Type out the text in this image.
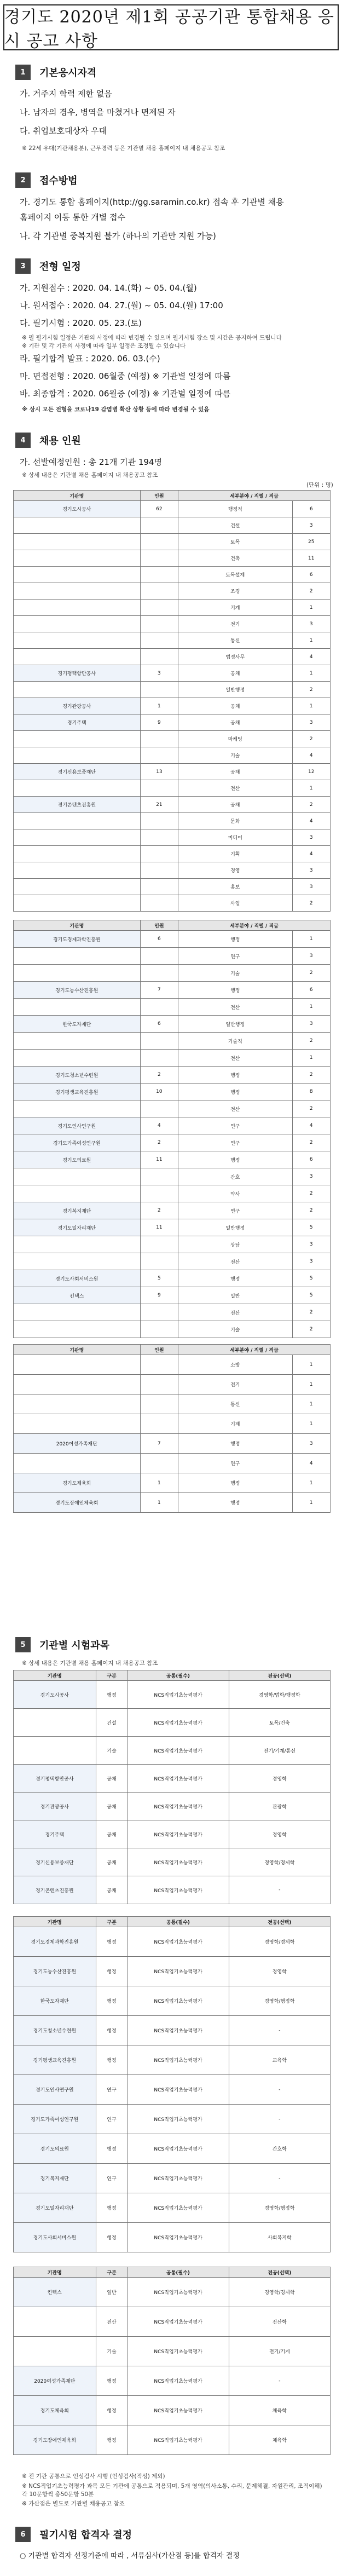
경기도 2020년 제1회 공공기관 통합채용 응시 공고 사항
1	기본응시자격
가. 거주지 학력 제한 없음
나. 남자의 경우, 병역을 마쳤거나 면제된 자
다. 취업보호대상자 우대
※ 22세 우대(기관채용분), 근무경력 등은 기관별 채용 홈페이지 내 채용공고 참조
2	접수방법
가. 경기도 통합 홈페이지(http://gg.saramin.co.kr) 접속 후 기관별 채용
홈페이지 이동 통한 개별 접수
나. 각 기관별 중복지원 불가 (하나의 기관만 지원 가능)
3	전형 일정
가. 지원접수 : 2020. 04. 14.(화) ~ 05. 04.(월)
나. 원서접수 : 2020. 04. 27.(월) ~ 05. 04.(월) 17:00
다. 필기시험 : 2020. 05. 23.(토)
※ 필 필기시험 일정은 기관의 사정에 따라 변경될 수 있으며 필기시험 장소 및 시간은 공지하여 드립니다
※ 기관 및 각 기관의 사정에 따라 일부 일정은 조정될 수 있습니다
라. 필기합격 발표 : 2020. 06. 03.(수)
마. 면접전형 : 2020. 06월중 (예정) ※ 기관별 일정에 따름
바. 최종합격 : 2020. 06월중 (예정) ※ 기관별 일정에 따름
※ 상시 모든 전형을 코로나19 감염병 확산 상황 등에 따라 변경될 수 있음
4	채용 인원
가. 선발예정인원 : 총 21개 기관 194명
※ 상세 내용은 기관별 채용 홈페이지 내 채용공고 참조
(단위 : 명)
기관명	인원	세부분야 / 직렬 / 직급	
경기도시공사	62	행정직	6
		건설	3
		토목	25
		건축	11
		토목설계	6
		조경	2
		기계	1
		전기	3
		통신	1
		법정사무	4
경기평택항만공사	3	공채	1
		일반행정	2
경기관광공사	1	공채	1
경기주택	9	공채	3
		마케팅	2
		기술	4
경기신용보증재단	13	공채	12
		전산	1
경기콘텐츠진흥원	21	공채	2
		문화	4
		미디어	3
		기획	4
		경영	3
		홍보	3
		사업	2
기관명	인원	세부분야 / 직렬 / 직급	
경기도경제과학진흥원	6	행정	1
		연구	3
		기술	2
경기도농수산진흥원	7	행정	6
		전산	1
한국도자재단	6	일반행정	3
		기술직	2
		전산	1
경기도청소년수련원	2	행정	2
경기평생교육진흥원	10	행정	8
		전산	2
경기도인사연구원	4	연구	4
경기도가족여성연구원	2	연구	2
경기도의료원	11	행정	6
		간호	3
		약사	2
경기복지재단	2	연구	2
경기도일자리재단	11	일반행정	5
		상담	3
		전산	3
경기도사회서비스원	5	행정	5
킨텍스	9	일반	5
		전산	2
		기술	2
기관명	인원	세부분야 / 직렬 / 직급	
		소방	1
		전기	1
		통신	1
		기계	1
2020여성가족재단	7	행정	3
		연구	4
경기도체육회	1	행정	1
경기도장애인체육회	1	행정	1
5	기관별 시험과목
※ 상세 내용은 기관별 채용 홈페이지 내 채용공고 참조
기관명	구분	공통(필수)	전공(선택)
경기도시공사	행정	NCS직업기초능력평가	경영학/법학/행정학
	건설	NCS직업기초능력평가	토목/건축
	기술	NCS직업기초능력평가	전기/기계/통신
경기평택항만공사	공채	NCS직업기초능력평가	경영학
경기관광공사	공채	NCS직업기초능력평가	관광학
경기주택	공채	NCS직업기초능력평가	경영학
경기신용보증재단	공채	NCS직업기초능력평가	경영학/경제학
경기콘텐츠진흥원	공채	NCS직업기초능력평가	-
기관명	구분	공통(필수)	전공(선택)
경기도경제과학진흥원	행정	NCS직업기초능력평가	경영학/경제학
경기도농수산진흥원	행정	NCS직업기초능력평가	경영학
한국도자재단	행정	NCS직업기초능력평가	경영학/행정학
경기도청소년수련원	행정	NCS직업기초능력평가	-
경기평생교육진흥원	행정	NCS직업기초능력평가	교육학
경기도인사연구원	연구	NCS직업기초능력평가	-
경기도가족여성연구원	연구	NCS직업기초능력평가	-
경기도의료원	행정	NCS직업기초능력평가	간호학
경기복지재단	연구	NCS직업기초능력평가	-
경기도일자리재단	행정	NCS직업기초능력평가	경영학/행정학
경기도사회서비스원	행정	NCS직업기초능력평가	사회복지학
기관명	구분	공통(필수)	전공(선택)
킨텍스	일반	NCS직업기초능력평가	경영학/경제학
	전산	NCS직업기초능력평가	전산학
	기술	NCS직업기초능력평가	전기/기계
2020여성가족재단	행정	NCS직업기초능력평가	-
경기도체육회	행정	NCS직업기초능력평가	체육학
경기도장애인체육회	행정	NCS직업기초능력평가	체육학
※ 전 기관 공통으로 인성검사 시행 (인성검사(적성) 제외)
※ NCS직업기초능력평가 과목 모든 기관에 공통으로 적용되며, 5개 영역(의사소통, 수리, 문제해결, 자원관리, 조직이해) 각 10문항씩 총50문항 50분
※ 가산점은 별도로 기관별 채용공고 참조
6	필기시험 합격자 결정
○ 기관별 합격자 선정기준에 따라 , 서류심사(가산점 등)를 합격자 결정
